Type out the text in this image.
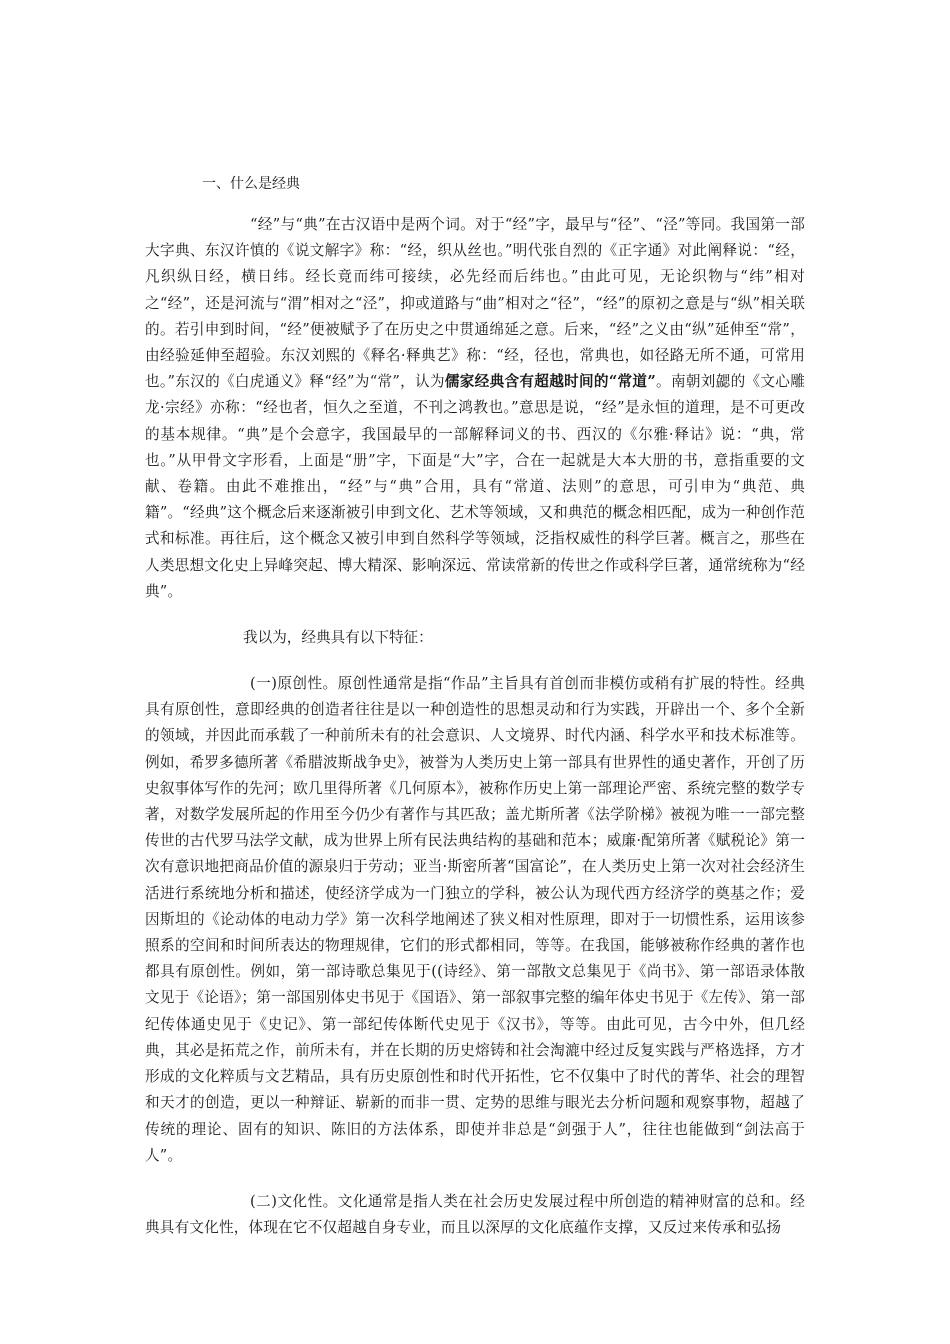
一、什么是经典

“经”与“典”在古汉语中是两个词。对于“经”字，最早与“径”、“泾”等同。我国第一部大字典、东汉许慎的《说文解字》称：“经，织从丝也。”明代张自烈的《正字通》对此阐释说：“经，凡织纵日经，横日纬。经长竟而纬可接续，必先经而后纬也。”由此可见，无论织物与“纬”相对之“经”，还是河流与“渭”相对之“泾”，抑或道路与“曲”相对之“径”，“经”的原初之意是与“纵”相关联的。若引申到时间，“经”便被赋予了在历史之中贯通绵延之意。后来，“经”之义由“纵”延伸至“常”，由经验延伸至超验。东汉刘熙的《释名·释典艺》称：“经，径也，常典也，如径路无所不通，可常用也。”东汉的《白虎通义》释“经”为“常”，认为儒家经典含有超越时间的“常道”。南朝刘勰的《文心雕龙·宗经》亦称：“经也者，恒久之至道，不刊之鸿教也。”意思是说，“经”是永恒的道理，是不可更改的基本规律。“典”是个会意字，我国最早的一部解释词义的书、西汉的《尔雅·释诂》说：“典，常也。”从甲骨文字形看，上面是“册”字，下面是“大”字，合在一起就是大本大册的书，意指重要的文献、卷籍。由此不难推出，“经”与“典”合用，具有“常道、法则”的意思，可引申为“典范、典籍”。“经典”这个概念后来逐渐被引申到文化、艺术等领域，又和典范的概念相匹配，成为一种创作范式和标准。再往后，这个概念又被引申到自然科学等领域，泛指权威性的科学巨著。概言之，那些在人类思想文化史上异峰突起、博大精深、影响深远、常读常新的传世之作或科学巨著，通常统称为“经典”。

我以为，经典具有以下特征：

(一)原创性。原创性通常是指“作品”主旨具有首创而非模仿或稍有扩展的特性。经典具有原创性，意即经典的创造者往往是以一种创造性的思想灵动和行为实践，开辟出一个、多个全新的领域，并因此而承载了一种前所未有的社会意识、人文境界、时代内涵、科学水平和技术标准等。例如，希罗多德所著《希腊波斯战争史》，被誉为人类历史上第一部具有世界性的通史著作，开创了历史叙事体写作的先河；欧几里得所著《几何原本》，被称作历史上第一部理论严密、系统完整的数学专著，对数学发展所起的作用至今仍少有著作与其匹敌；盖尤斯所著《法学阶梯》被视为唯一一部完整传世的古代罗马法学文献，成为世界上所有民法典结构的基础和范本；威廉·配第所著《赋税论》第一次有意识地把商品价值的源泉归于劳动；亚当·斯密所著“国富论”，在人类历史上第一次对社会经济生活进行系统地分析和描述，使经济学成为一门独立的学科，被公认为现代西方经济学的奠基之作；爱因斯坦的《论动体的电动力学》第一次科学地阐述了狭义相对性原理，即对于一切惯性系，运用该参照系的空间和时间所表达的物理规律，它们的形式都相同，等等。在我国，能够被称作经典的著作也都具有原创性。例如，第一部诗歌总集见于((诗经》、第一部散文总集见于《尚书》、第一部语录体散文见于《论语》；第一部国别体史书见于《国语》、第一部叙事完整的编年体史书见于《左传》、第一部纪传体通史见于《史记》、第一部纪传体断代史见于《汉书》，等等。由此可见，古今中外，但几经典，其必是拓荒之作，前所未有，并在长期的历史熔铸和社会淘漉中经过反复实践与严格选择，方才形成的文化粹质与文艺精品，具有历史原创性和时代开拓性，它不仅集中了时代的菁华、社会的理智和天才的创造，更以一种辩证、崭新的而非一贯、定势的思维与眼光去分析问题和观察事物，超越了传统的理论、固有的知识、陈旧的方法体系，即使并非总是“剑强于人”，往往也能做到“剑法高于人”。

(二)文化性。文化通常是指人类在社会历史发展过程中所创造的精神财富的总和。经典具有文化性，体现在它不仅超越自身专业，而且以深厚的文化底蕴作支撑，又反过来传承和弘扬
